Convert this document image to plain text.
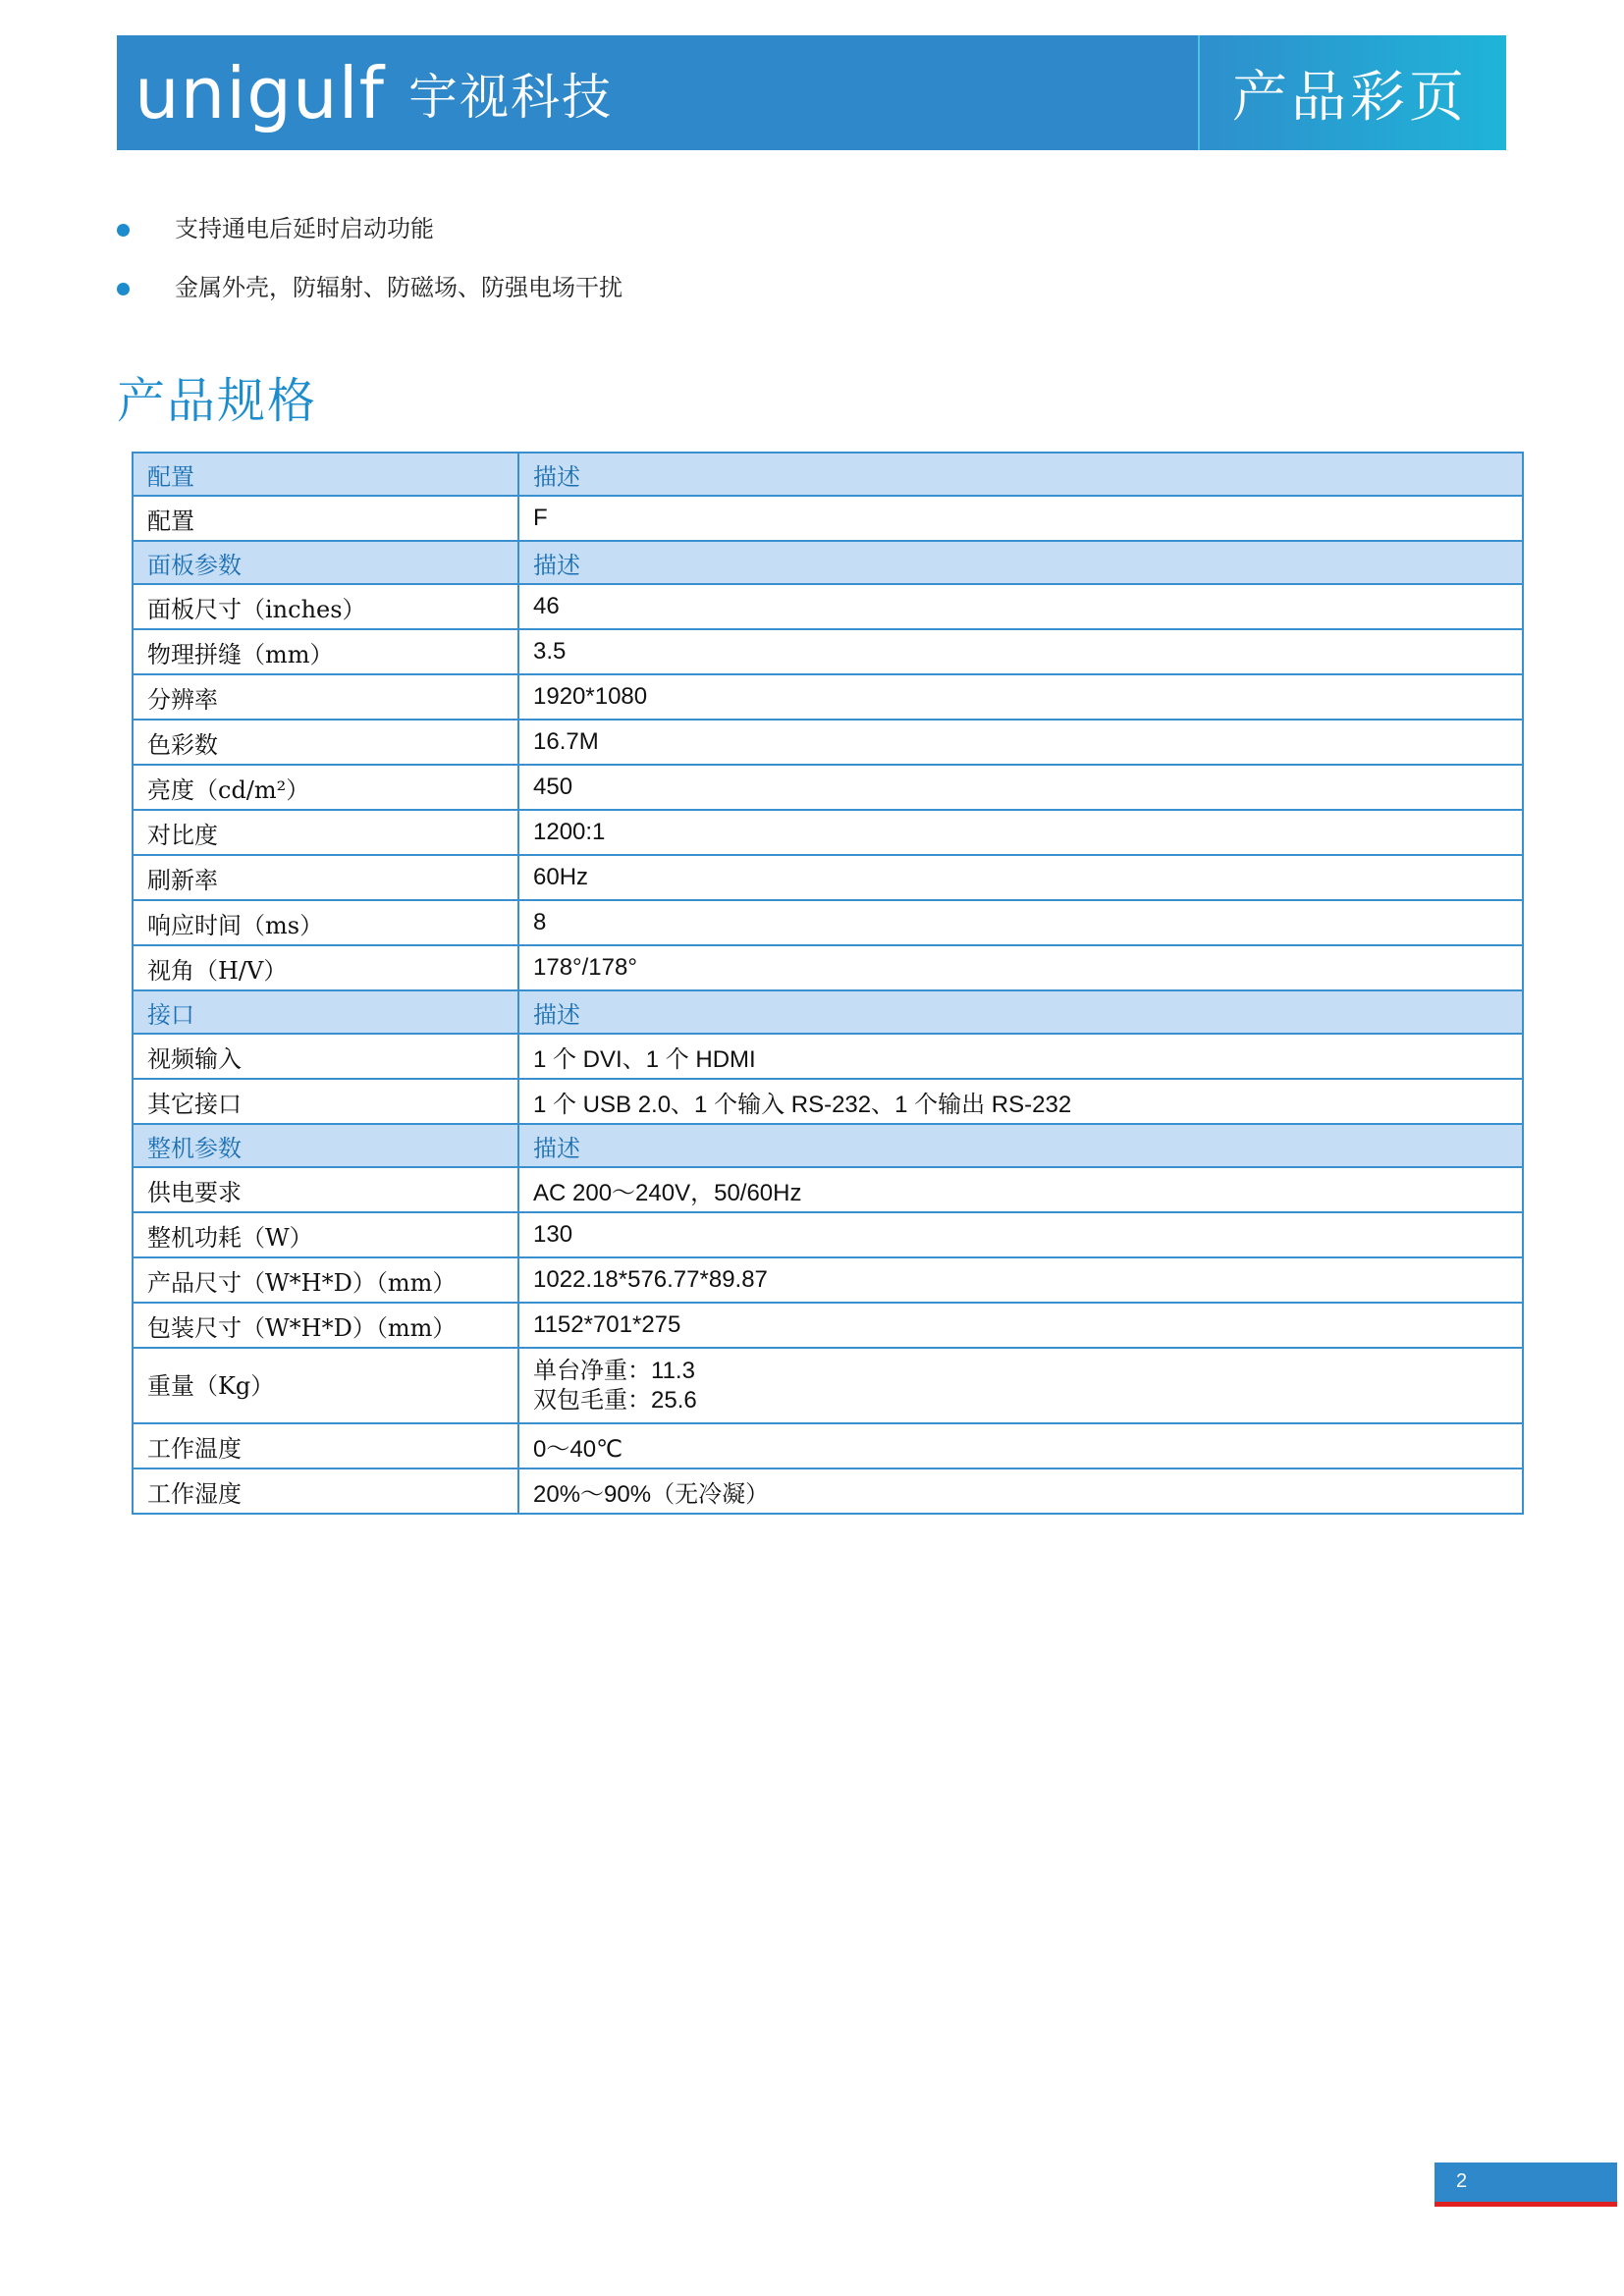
unigulf 宇视科技	产品彩页
支持通电后延时启动功能
金属外壳，防辐射、防磁场、防强电场干扰
产品规格
配置	描述
配置	F
面板参数	描述
面板尺寸（inches）	46
物理拼缝（mm）	3.5
分辨率	1920*1080
色彩数	16.7M
亮度（cd/m²）	450
对比度	1200:1
刷新率	60Hz
响应时间（ms）	8
视角（H/V）	178°/178°
接口	描述
视频输入	1 个 DVI、1 个 HDMI
其它接口	1 个 USB 2.0、1 个输入 RS-232、1 个输出 RS-232
整机参数	描述
供电要求	AC 200～240V，50/60Hz
整机功耗（W）	130
产品尺寸（W*H*D）（mm）	1022.18*576.77*89.87
包装尺寸（W*H*D）（mm）	1152*701*275
重量（Kg）	单台净重：11.3
双包毛重：25.6

工作温度	0～40℃
工作湿度	20%～90%（无冷凝）
2
